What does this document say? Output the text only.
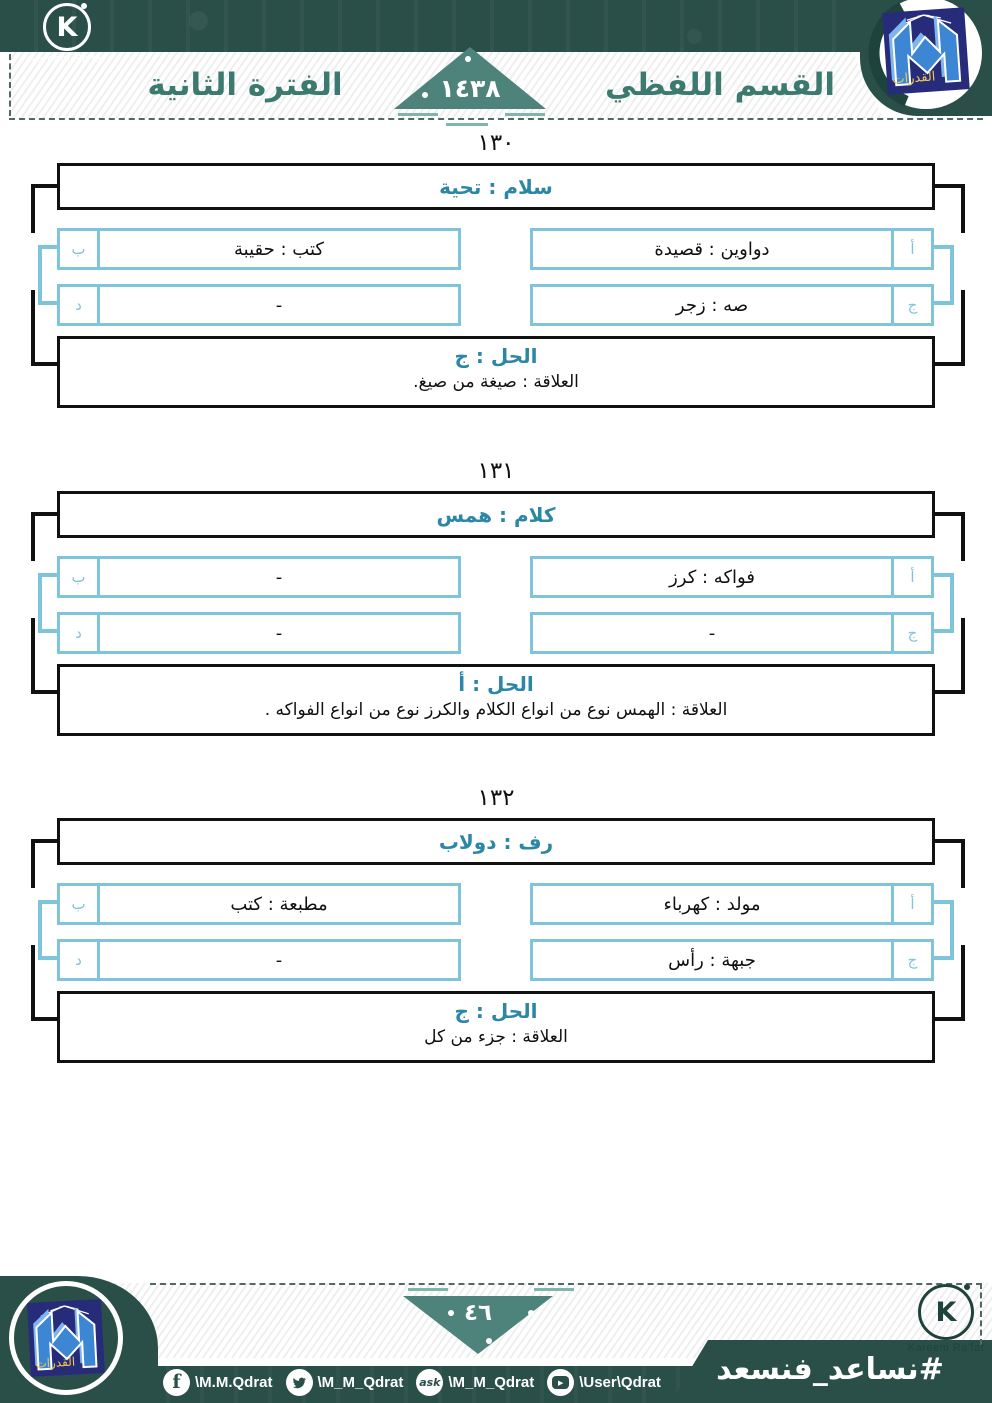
K
Kareem Ra'fat
الفترة الثانية	القسم اللفظي
١٤٣٨	القدرات
١٣٠
سلام : تحية
دواوين : قصيدة	أ
ب	كتب : حقيبة
صه : زجر	ج
د	-
الحل : ج
العلاقة : صيغة من صيغ.
١٣١
كلام : همس
فواكه : كرز	أ
ب	-
-	ج
د	-
الحل : أ
العلاقة : الهمس نوع من انواع الكلام والكرز نوع من انواع الفواكه .
١٣٢
رف : دولاب
مولد : كهرباء	أ
ب	مطبعة : كتب
جبهة : رأس	ج
د	-
الحل : ج
العلاقة : جزء من كل
٤٦
القدرات
K
Kareem Ra'fat
f \M.M.Qdrat	\M_M_Qdrat ask \M_M_Qdrat	▶	\User\Qdrat	#نساعد_فنسعد
